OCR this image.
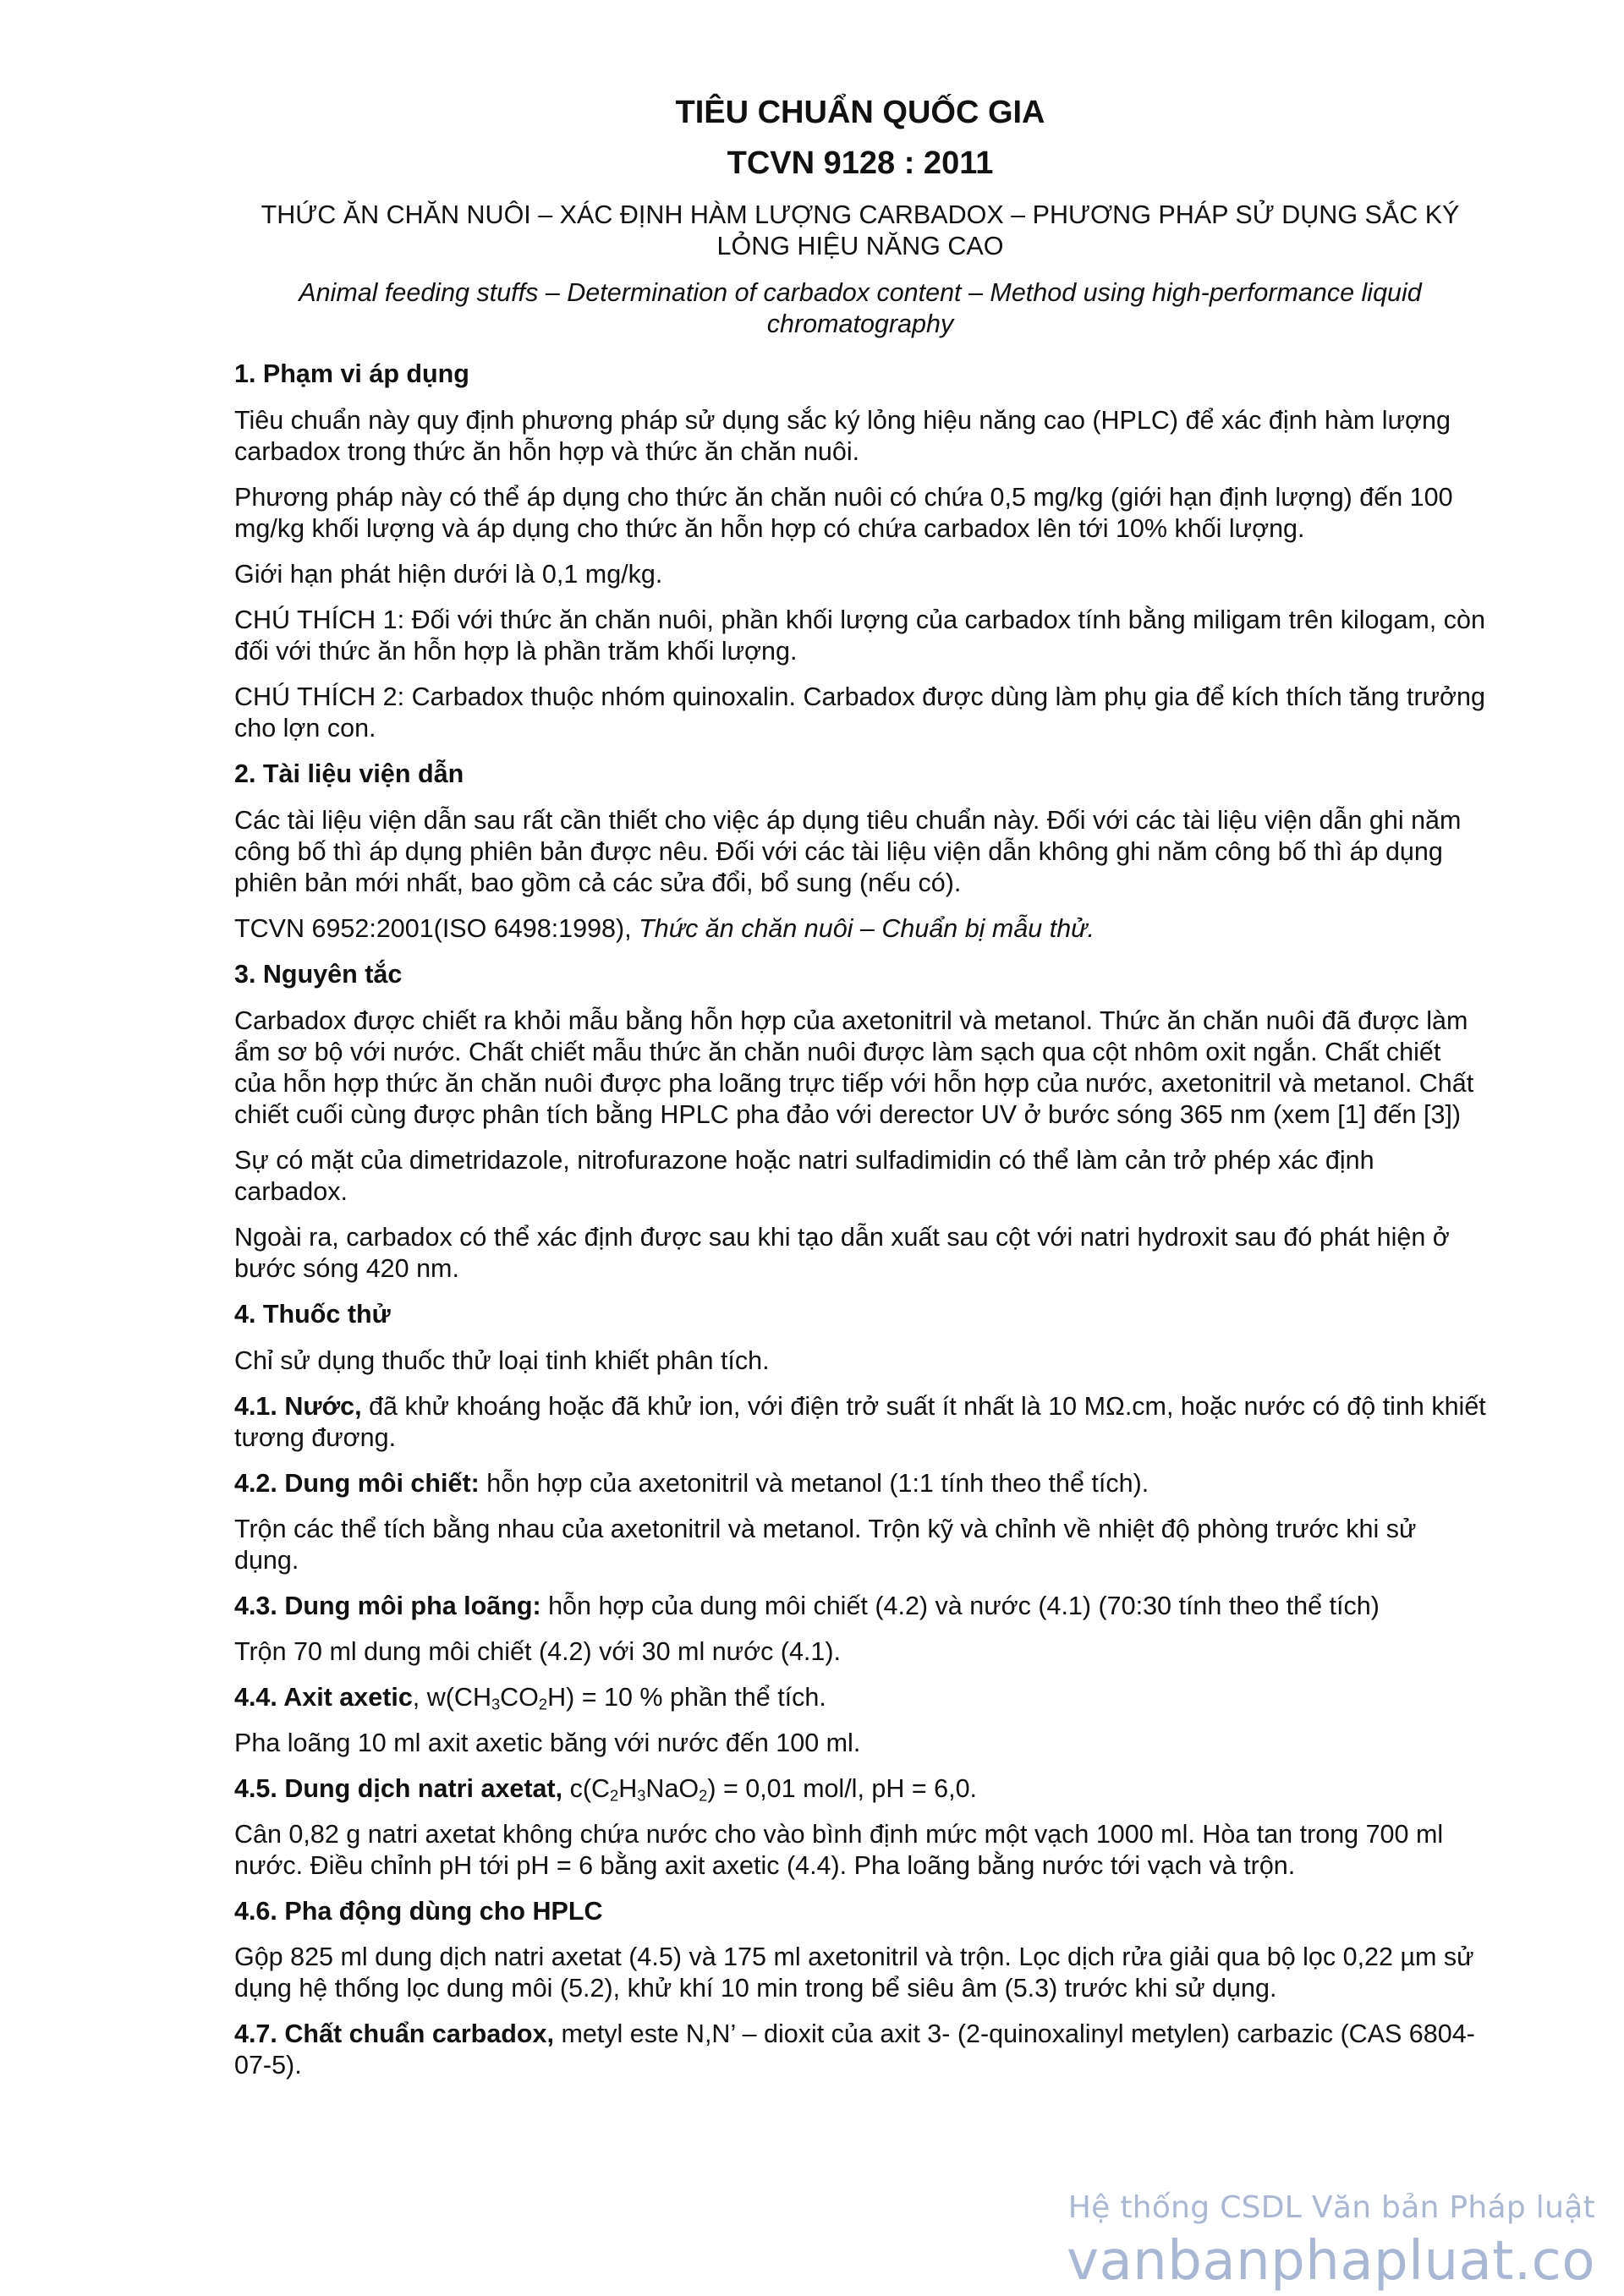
TIÊU CHUẨN QUỐC GIA
TCVN 9128 : 2011
THỨC ĂN CHĂN NUÔI – XÁC ĐỊNH HÀM LƯỢNG CARBADOX – PHƯƠNG PHÁP SỬ DỤNG SẮC KÝ LỎNG HIỆU NĂNG CAO
Animal feeding stuffs – Determination of carbadox content – Method using high-performance liquid chromatography
1. Phạm vi áp dụng

Tiêu chuẩn này quy định phương pháp sử dụng sắc ký lỏng hiệu năng cao (HPLC) để xác định hàm lượng carbadox trong thức ăn hỗn hợp và thức ăn chăn nuôi.

Phương pháp này có thể áp dụng cho thức ăn chăn nuôi có chứa 0,5 mg/kg (giới hạn định lượng) đến 100 mg/kg khối lượng và áp dụng cho thức ăn hỗn hợp có chứa carbadox lên tới 10% khối lượng.

Giới hạn phát hiện dưới là 0,1 mg/kg.

CHÚ THÍCH 1: Đối với thức ăn chăn nuôi, phần khối lượng của carbadox tính bằng miligam trên kilogam, còn đối với thức ăn hỗn hợp là phần trăm khối lượng.

CHÚ THÍCH 2: Carbadox thuộc nhóm quinoxalin. Carbadox được dùng làm phụ gia để kích thích tăng trưởng cho lợn con.

2. Tài liệu viện dẫn

Các tài liệu viện dẫn sau rất cần thiết cho việc áp dụng tiêu chuẩn này. Đối với các tài liệu viện dẫn ghi năm công bố thì áp dụng phiên bản được nêu. Đối với các tài liệu viện dẫn không ghi năm công bố thì áp dụng phiên bản mới nhất, bao gồm cả các sửa đổi, bổ sung (nếu có).

TCVN 6952:2001(ISO 6498:1998), Thức ăn chăn nuôi – Chuẩn bị mẫu thử.

3. Nguyên tắc

Carbadox được chiết ra khỏi mẫu bằng hỗn hợp của axetonitril và metanol. Thức ăn chăn nuôi đã được làm ẩm sơ bộ với nước. Chất chiết mẫu thức ăn chăn nuôi được làm sạch qua cột nhôm oxit ngắn. Chất chiết của hỗn hợp thức ăn chăn nuôi được pha loãng trực tiếp với hỗn hợp của nước, axetonitril và metanol. Chất chiết cuối cùng được phân tích bằng HPLC pha đảo với derector UV ở bước sóng 365 nm (xem [1] đến [3])

Sự có mặt của dimetridazole, nitrofurazone hoặc natri sulfadimidin có thể làm cản trở phép xác định carbadox.

Ngoài ra, carbadox có thể xác định được sau khi tạo dẫn xuất sau cột với natri hydroxit sau đó phát hiện ở bước sóng 420 nm.

4. Thuốc thử

Chỉ sử dụng thuốc thử loại tinh khiết phân tích.

4.1. Nước, đã khử khoáng hoặc đã khử ion, với điện trở suất ít nhất là 10 MΩ.cm, hoặc nước có độ tinh khiết tương đương.

4.2. Dung môi chiết: hỗn hợp của axetonitril và metanol (1:1 tính theo thể tích).

Trộn các thể tích bằng nhau của axetonitril và metanol. Trộn kỹ và chỉnh về nhiệt độ phòng trước khi sử dụng.

4.3. Dung môi pha loãng: hỗn hợp của dung môi chiết (4.2) và nước (4.1) (70:30 tính theo thể tích)

Trộn 70 ml dung môi chiết (4.2) với 30 ml nước (4.1).

4.4. Axit axetic, $w(CH_3CO_2H) = 10$ % phần thể tích.

Pha loãng 10 ml axit axetic băng với nước đến 100 ml.

4.5. Dung dịch natri axetat, $c(C_2H_3NaO_2) = 0,01$ mol/l, pH = 6,0.

Cân 0,82 g natri axetat không chứa nước cho vào bình định mức một vạch 1000 ml. Hòa tan trong 700 ml nước. Điều chỉnh pH tới pH = 6 bằng axit axetic (4.4). Pha loãng bằng nước tới vạch và trộn.

4.6. Pha động dùng cho HPLC

Gộp 825 ml dung dịch natri axetat (4.5) và 175 ml axetonitril và trộn. Lọc dịch rửa giải qua bộ lọc 0,22 µm sử dụng hệ thống lọc dung môi (5.2), khử khí 10 min trong bể siêu âm (5.3) trước khi sử dụng.

4.7. Chất chuẩn carbadox, metyl este N,N’ – dioxit của axit 3- (2-quinoxalinyl metylen) carbazic (CAS 6804-07-5).

Hệ thống CSDL Văn bản Pháp luật
vanbanphapluat.co
